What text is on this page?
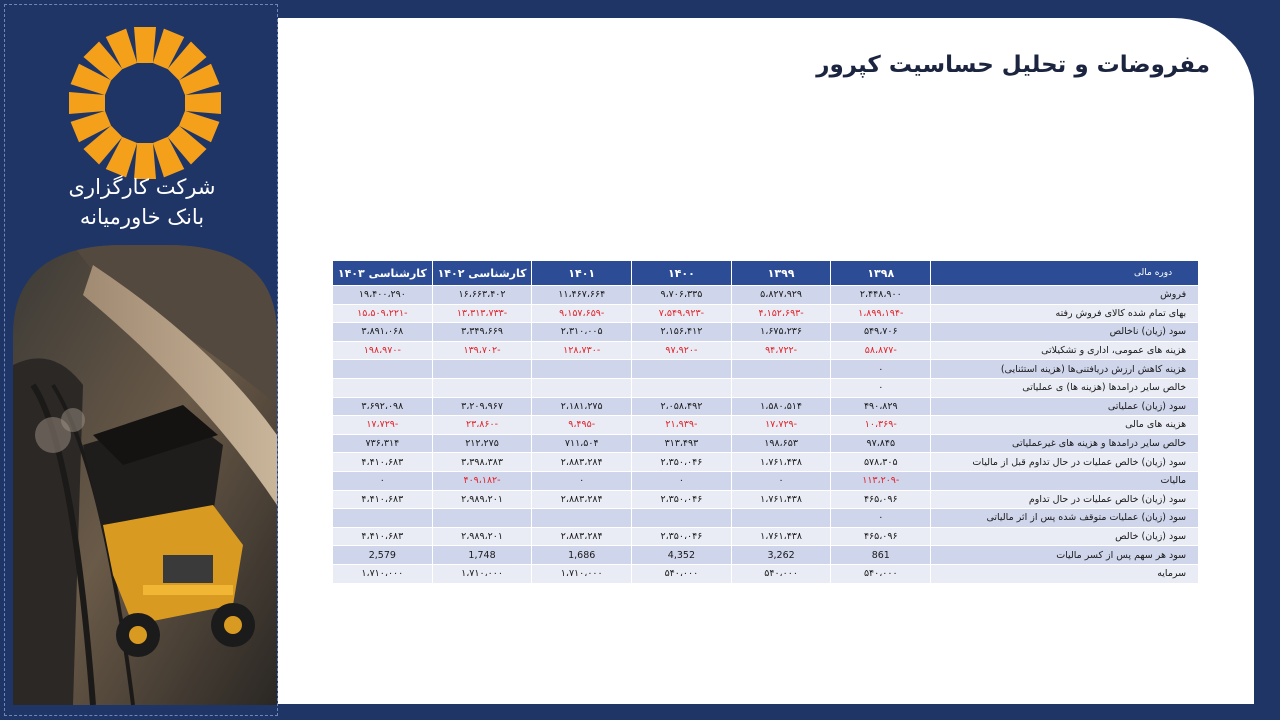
شرکت کارگزاری
بانک خاورمیانه
مفروضات و تحلیل حساسیت کپرور
دوره مالی	۱۳۹۸	۱۳۹۹	۱۴۰۰	۱۴۰۱	کارشناسی ۱۴۰۲	کارشناسی ۱۴۰۳
فروش	۲،۴۴۸،۹۰۰	۵،۸۲۷،۹۲۹	۹،۷۰۶،۳۳۵	۱۱،۴۶۷،۶۶۴	۱۶،۶۶۳،۴۰۲	۱۹،۴۰۰،۲۹۰
بهای تمام شده کالای فروش رفته	-۱،۸۹۹،۱۹۴	-۴،۱۵۲،۶۹۳	-۷،۵۴۹،۹۲۳	-۹،۱۵۷،۶۵۹	-۱۳،۳۱۳،۷۳۳	-۱۵،۵۰۹،۲۲۱
سود (زیان) ناخالص	۵۴۹،۷۰۶	۱،۶۷۵،۲۳۶	۲،۱۵۶،۴۱۲	۲،۳۱۰،۰۰۵	۳،۳۴۹،۶۶۹	۳،۸۹۱،۰۶۸
هزینه های عمومی، اداری و تشکیلاتی	-۵۸،۸۷۷	-۹۴،۷۲۲	-۹۷،۹۲۰	-۱۲۸،۷۳۰	-۱۳۹،۷۰۲	-۱۹۸،۹۷۰
هزینه کاهش ارزش دریافتنی‌ها (هزینه استثنایی)	۰					
خالص سایر درامدها (هزینه ها) ی عملیاتی	۰					
سود (زیان) عملیاتی	۴۹۰،۸۲۹	۱،۵۸۰،۵۱۴	۲،۰۵۸،۴۹۲	۲،۱۸۱،۲۷۵	۳،۲۰۹،۹۶۷	۳،۶۹۲،۰۹۸
هزینه های مالی	-۱۰،۳۶۹	-۱۷،۷۲۹	-۲۱،۹۳۹	-۹،۴۹۵	-۲۳،۸۶۰	-۱۷،۷۲۹
خالص سایر درامدها و هزینه های غیرعملیاتی	۹۷،۸۴۵	۱۹۸،۶۵۳	۳۱۳،۴۹۳	۷۱۱،۵۰۴	۲۱۲،۲۷۵	۷۳۶،۳۱۴
سود (زیان) خالص عملیات در حال تداوم قبل از مالیات	۵۷۸،۳۰۵	۱،۷۶۱،۴۳۸	۲،۳۵۰،۰۴۶	۲،۸۸۳،۲۸۴	۳،۳۹۸،۳۸۳	۴،۴۱۰،۶۸۳
مالیات	-۱۱۳،۲۰۹	۰	۰	۰	-۴۰۹،۱۸۲	۰
سود (زیان) خالص عملیات در حال تداوم	۴۶۵،۰۹۶	۱،۷۶۱،۴۳۸	۲،۳۵۰،۰۴۶	۲،۸۸۳،۲۸۴	۲،۹۸۹،۲۰۱	۴،۴۱۰،۶۸۳
سود (زیان) عملیات متوقف شده پس از اثر مالیاتی	۰					
سود (زیان) خالص	۴۶۵،۰۹۶	۱،۷۶۱،۴۳۸	۲،۳۵۰،۰۴۶	۲،۸۸۳،۲۸۴	۲،۹۸۹،۲۰۱	۴،۴۱۰،۶۸۳
سود هر سهم پس از کسر مالیات	861	3,262	4,352	1,686	1,748	2,579
سرمایه	۵۴۰،۰۰۰	۵۴۰،۰۰۰	۵۴۰،۰۰۰	۱،۷۱۰،۰۰۰	۱،۷۱۰،۰۰۰	۱،۷۱۰،۰۰۰
